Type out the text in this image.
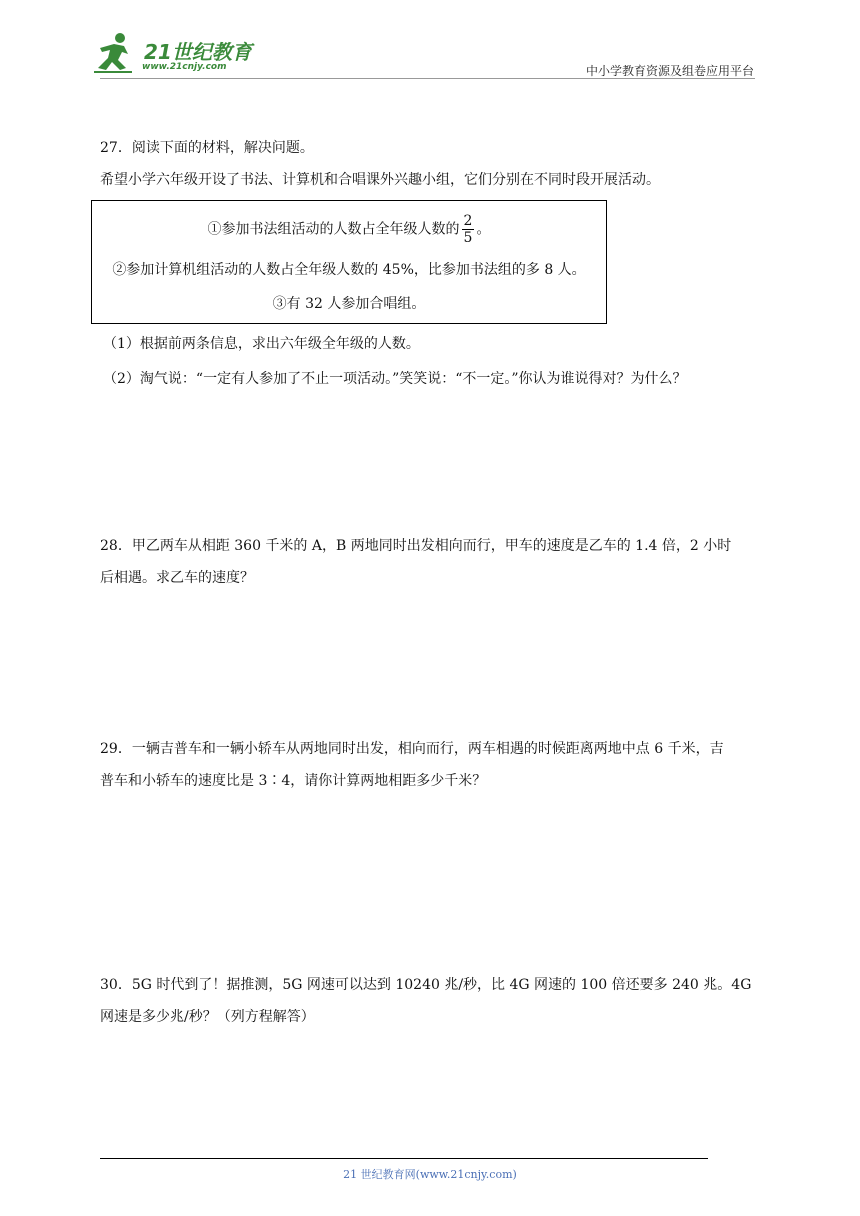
21世纪教育
www.21cnjy.com	中小学教育资源及组卷应用平台
27．阅读下面的材料，解决问题。
希望小学六年级开设了书法、计算机和合唱课外兴趣小组，它们分别在不同时段开展活动。
①参加书法组活动的人数占全年级人数的 $\frac{2}{5}$ 。
②参加计算机组活动的人数占全年级人数的 45%，比参加书法组的多 8 人。
③有 32 人参加合唱组。
（1）根据前两条信息，求出六年级全年级的人数。
（2）淘气说：“一定有人参加了不止一项活动。”笑笑说：“不一定。”你认为谁说得对？为什么？
28．甲乙两车从相距 360 千米的 A，B 两地同时出发相向而行，甲车的速度是乙车的 1.4 倍，2 小时
后相遇。求乙车的速度？
29．一辆吉普车和一辆小轿车从两地同时出发，相向而行，两车相遇的时候距离两地中点 6 千米，吉
普车和小轿车的速度比是 3∶4，请你计算两地相距多少千米？
30．5G 时代到了！据推测，5G 网速可以达到 10240 兆/秒，比 4G 网速的 100 倍还要多 240 兆。4G
网速是多少兆/秒？（列方程解答）
21 世纪教育网(www.21cnjy.com)
